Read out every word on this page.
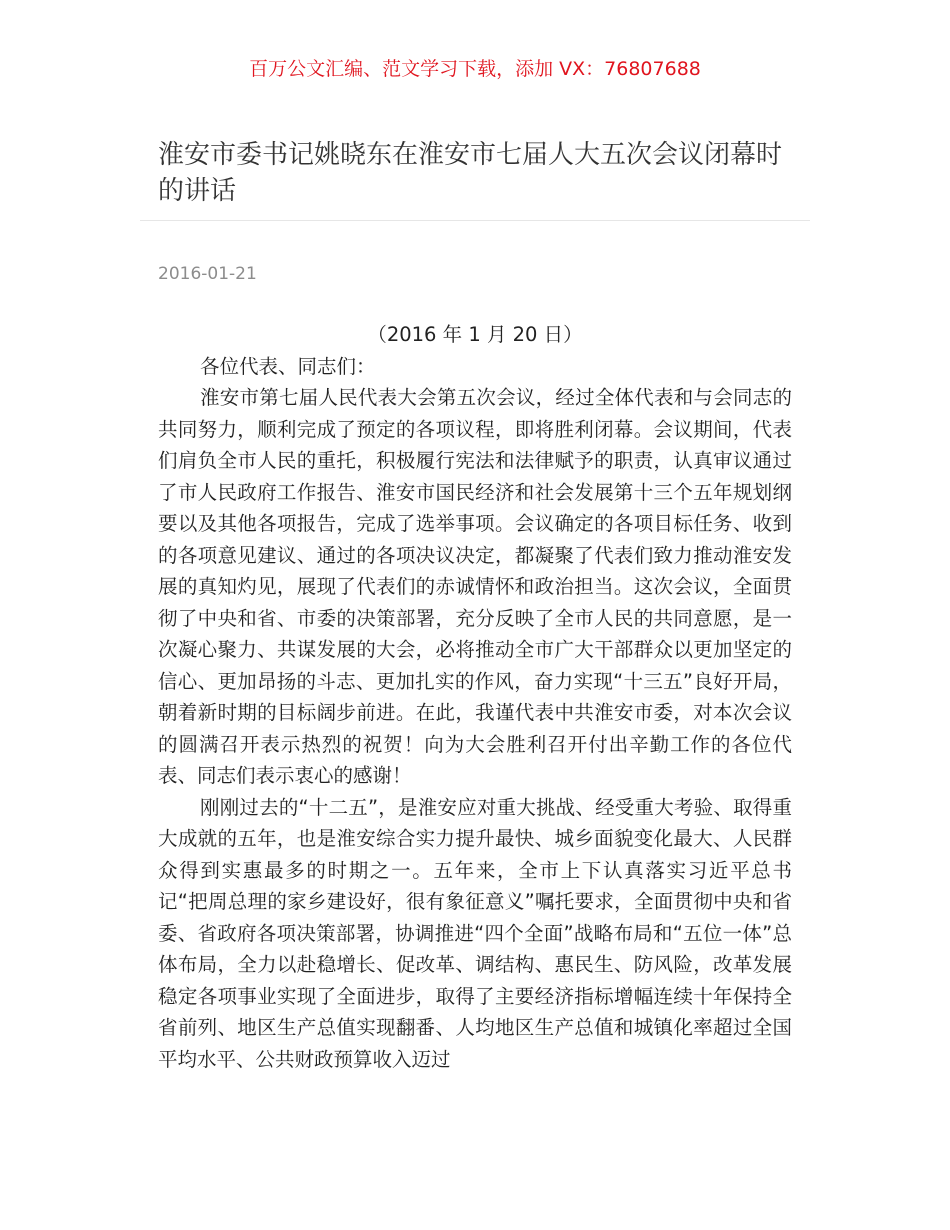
百万公文汇编、范文学习下载，添加 VX：76807688
淮安市委书记姚晓东在淮安市七届人大五次会议闭幕时的讲话
2016-01-21

（2016 年 1 月 20 日）

各位代表、同志们：

淮安市第七届人民代表大会第五次会议，经过全体代表和与会同志的共同努力，顺利完成了预定的各项议程，即将胜利闭幕。会议期间，代表们肩负全市人民的重托，积极履行宪法和法律赋予的职责，认真审议通过了市人民政府工作报告、淮安市国民经济和社会发展第十三个五年规划纲要以及其他各项报告，完成了选举事项。会议确定的各项目标任务、收到的各项意见建议、通过的各项决议决定，都凝聚了代表们致力推动淮安发展的真知灼见，展现了代表们的赤诚情怀和政治担当。这次会议，全面贯彻了中央和省、市委的决策部署，充分反映了全市人民的共同意愿，是一次凝心聚力、共谋发展的大会，必将推动全市广大干部群众以更加坚定的信心、更加昂扬的斗志、更加扎实的作风，奋力实现“十三五”良好开局，朝着新时期的目标阔步前进。在此，我谨代表中共淮安市委，对本次会议的圆满召开表示热烈的祝贺！向为大会胜利召开付出辛勤工作的各位代表、同志们表示衷心的感谢！

刚刚过去的“十二五”，是淮安应对重大挑战、经受重大考验、取得重大成就的五年，也是淮安综合实力提升最快、城乡面貌变化最大、人民群众得到实惠最多的时期之一。五年来，全市上下认真落实习近平总书记“把周总理的家乡建设好，很有象征意义”嘱托要求，全面贯彻中央和省委、省政府各项决策部署，协调推进“四个全面”战略布局和“五位一体”总体布局，全力以赴稳增长、促改革、调结构、惠民生、防风险，改革发展稳定各项事业实现了全面进步，取得了主要经济指标增幅连续十年保持全省前列、地区生产总值实现翻番、人均地区生产总值和城镇化率超过全国平均水平、公共财政预算收入迈过
